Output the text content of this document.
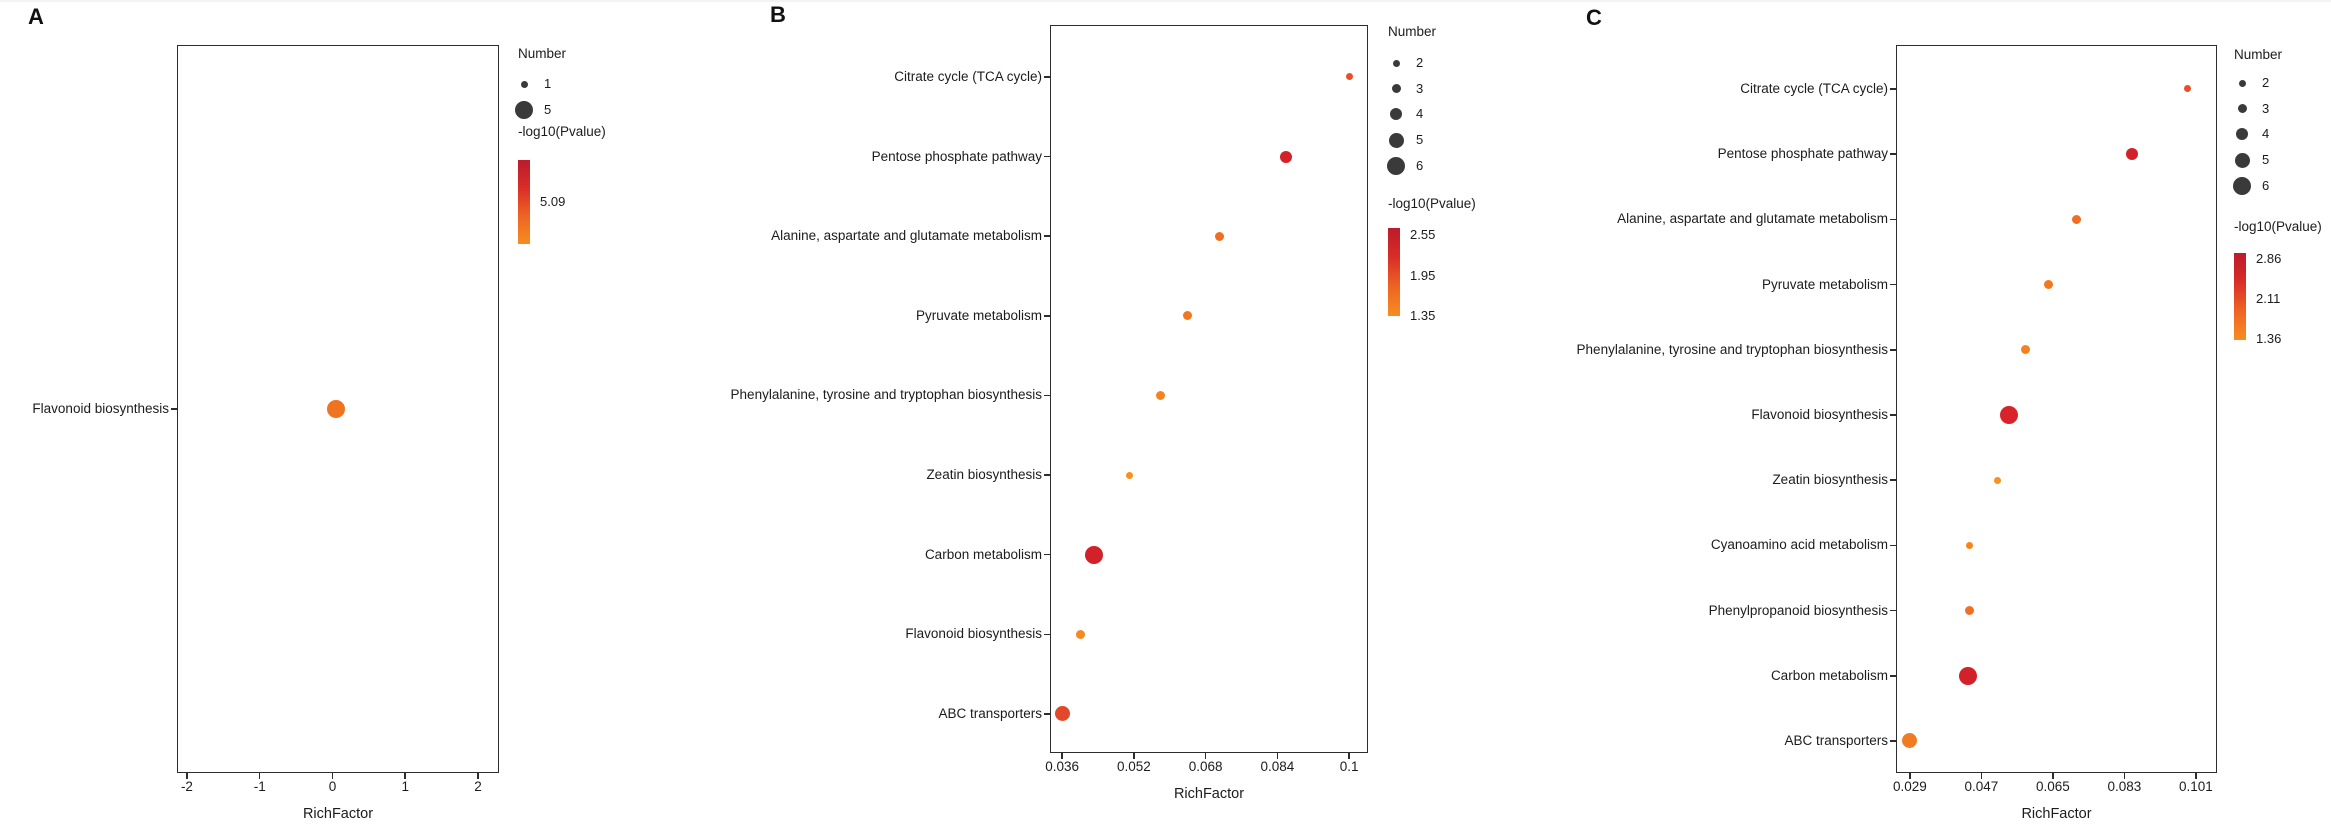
A
Flavonoid biosynthesis
-2	-1	0	1	2
RichFactor
Number
1
5
-log10(Pvalue)
5.09
B
Citrate cycle (TCA cycle)
Pentose phosphate pathway
Alanine, aspartate and glutamate metabolism
Pyruvate metabolism
Phenylalanine, tyrosine and tryptophan biosynthesis
Zeatin biosynthesis
Carbon metabolism
Flavonoid biosynthesis
ABC transporters
0.036	0.052	0.068	0.084	0.1
RichFactor
Number
2
3
4
5
6
-log10(Pvalue)
2.55
1.95
1.35
C
Citrate cycle (TCA cycle)
Pentose phosphate pathway
Alanine, aspartate and glutamate metabolism
Pyruvate metabolism
Phenylalanine, tyrosine and tryptophan biosynthesis
Flavonoid biosynthesis
Zeatin biosynthesis
Cyanoamino acid metabolism
Phenylpropanoid biosynthesis
Carbon metabolism
ABC transporters
0.029	0.047	0.065	0.083	0.101
RichFactor
Number
2
3
4
5
6
-log10(Pvalue)
2.86
2.11
1.36
